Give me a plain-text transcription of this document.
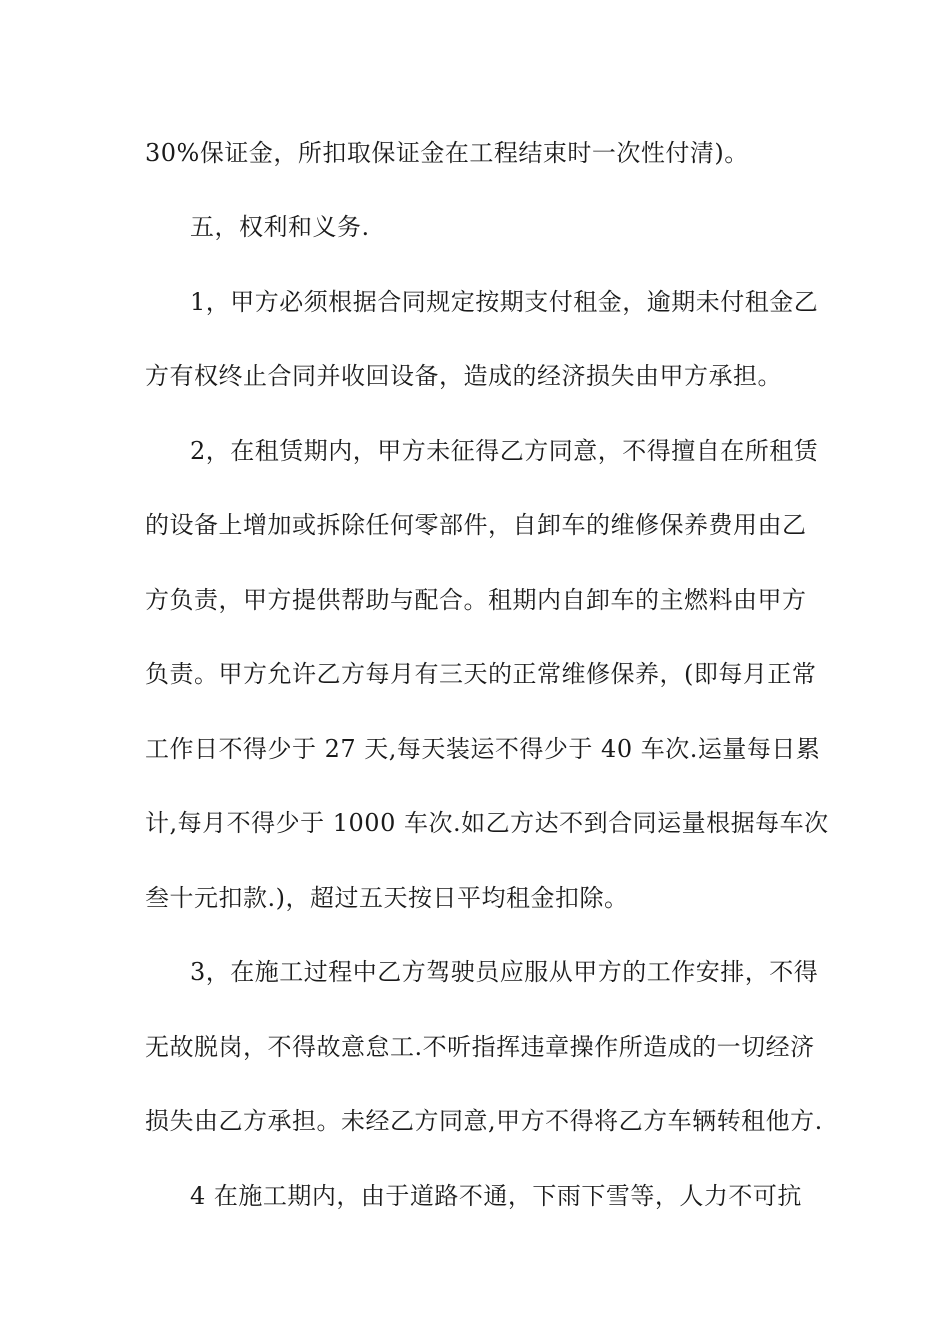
30%保证金，所扣取保证金在工程结束时一次性付清)。
五，权利和义务.
1，甲方必须根据合同规定按期支付租金，逾期未付租金乙
方有权终止合同并收回设备，造成的经济损失由甲方承担。
2，在租赁期内，甲方未征得乙方同意，不得擅自在所租赁
的设备上增加或拆除任何零部件，自卸车的维修保养费用由乙
方负责，甲方提供帮助与配合。租期内自卸车的主燃料由甲方
负责。甲方允许乙方每月有三天的正常维修保养，(即每月正常
工作日不得少于 27 天,每天装运不得少于 40 车次.运量每日累
计,每月不得少于 1000 车次.如乙方达不到合同运量根据每车次
叁十元扣款.)，超过五天按日平均租金扣除。
3，在施工过程中乙方驾驶员应服从甲方的工作安排，不得
无故脱岗，不得故意怠工.不听指挥违章操作所造成的一切经济
损失由乙方承担。未经乙方同意,甲方不得将乙方车辆转租他方.
4 在施工期内，由于道路不通，下雨下雪等，人力不可抗
